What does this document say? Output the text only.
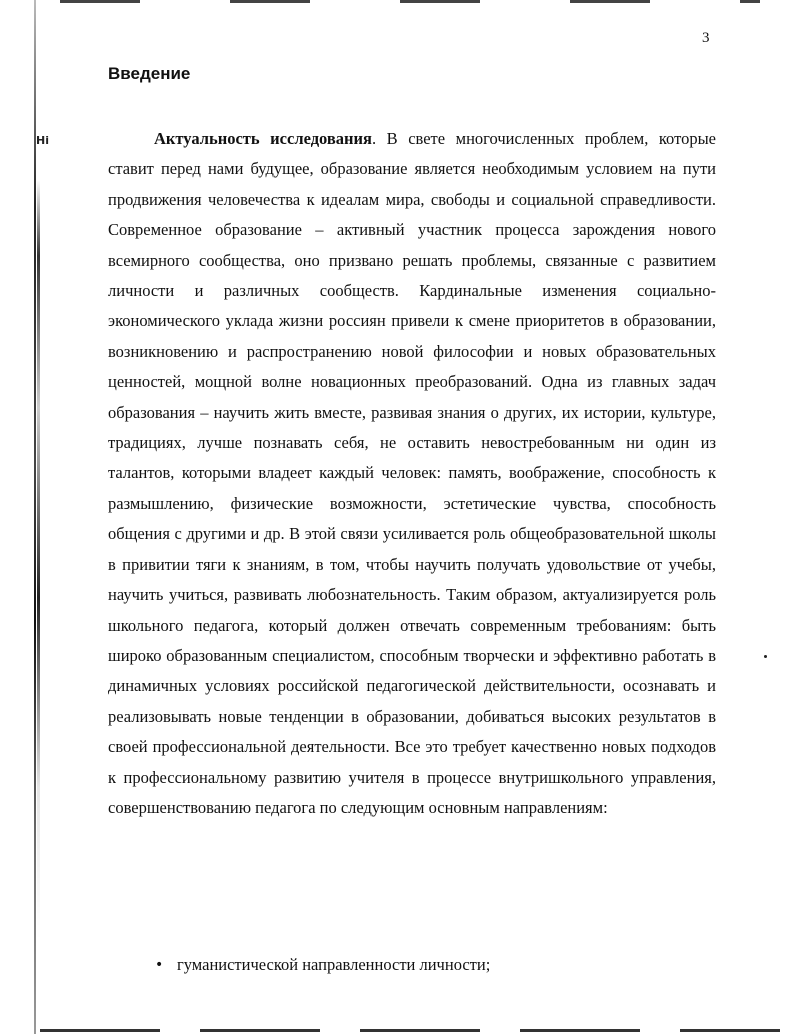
Hi
3
Введение

Актуальность исследования. В свете многочисленных проблем, которые ставит перед нами будущее, образование является необходимым условием на пути продвижения человечества к идеалам мира, свободы и социальной справедливости. Современное образование – активный участник процесса зарождения нового всемирного сообщества, оно призвано решать проблемы, связанные с развитием личности и различных сообществ. Кардинальные изменения социально-экономического уклада жизни россиян привели к смене приоритетов в образовании, возникновению и распространению новой философии и новых образовательных ценностей, мощной волне новационных преобразований. Одна из главных задач образования – научить жить вместе, развивая знания о других, их истории, культуре, традициях, лучше познавать себя, не оставить невостребованным ни один из талантов, которыми владеет каждый человек: память, воображение, способность к размышлению, физические возможности, эстетические чувства, способность общения с другими и др. В этой связи усиливается роль общеобразовательной школы в привитии тяги к знаниям, в том, чтобы научить получать удовольствие от учебы, научить учиться, развивать любознательность. Таким образом, актуализируется роль школьного педагога, который должен отвечать современным требованиям: быть широко образованным специалистом, способным творчески и эффективно работать в динамичных условиях российской педагогической действительности, осознавать и реализовывать новые тенденции в образовании, добиваться высоких результатов в своей профессиональной деятельности. Все это требует качественно новых подходов к профессиональному развитию учителя в процессе внутришкольного управления, совершенствованию педагога по следующим основным направлениям:

• гуманистической направленности личности;
